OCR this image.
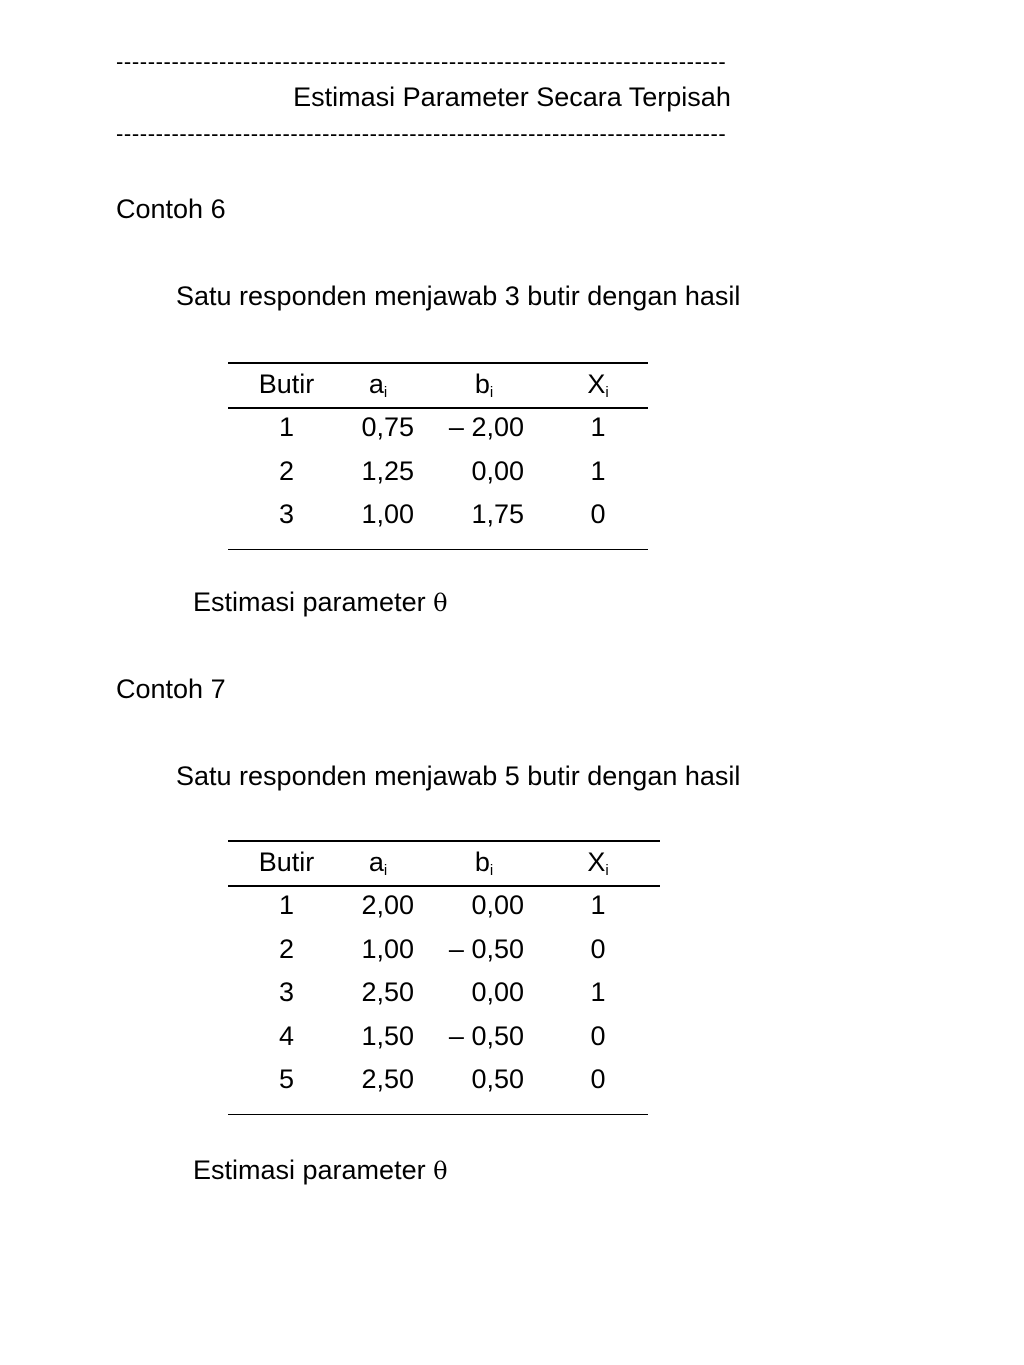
-----------------------------------------------------------------------------
Estimasi Parameter Secara Terpisah
-----------------------------------------------------------------------------
Contoh 6
Satu responden menjawab 3 butir dengan hasil
Butir	$a_i$	$b_i$	$X_i$
1	0,75	– 2,00	1
2	1,25	0,00	1
3	1,00	1,75	0
Estimasi parameter θ
Contoh 7
Satu responden menjawab 5 butir dengan hasil
Butir	$a_i$	$b_i$	$X_i$
1	2,00	0,00	1
2	1,00	– 0,50	0
3	2,50	0,00	1
4	1,50	– 0,50	0
5	2,50	0,50	0
Estimasi parameter θ
